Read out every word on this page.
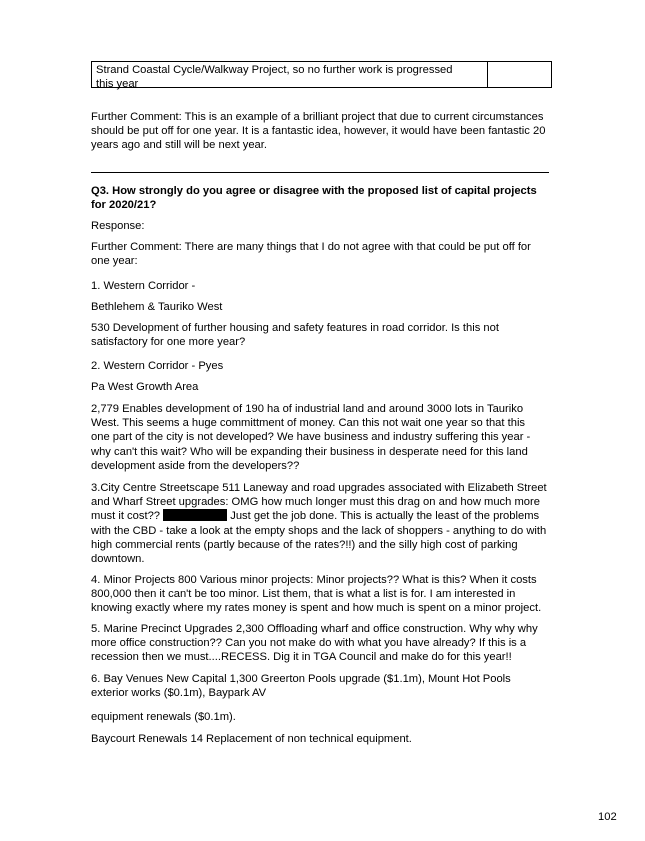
Strand Coastal Cycle/Walkway Project, so no further work is progressed
this year
Further Comment: This is an example of a brilliant project that due to current circumstances
should be put off for one year. It is a fantastic idea, however, it would have been fantastic 20
years ago and still will be next year.
Q3. How strongly do you agree or disagree with the proposed list of capital projects
for 2020/21?
Response:
Further Comment: There are many things that I do not agree with that could be put off for
one year:
1. Western Corridor -
Bethlehem & Tauriko West
530 Development of further housing and safety features in road corridor. Is this not
satisfactory for one more year?
2. Western Corridor - Pyes
Pa West Growth Area
2,779 Enables development of 190 ha of industrial land and around 3000 lots in Tauriko
West. This seems a huge committment of money. Can this not wait one year so that this
one part of the city is not developed? We have business and industry suffering this year -
why can't this wait? Who will be expanding their business in desperate need for this land
development aside from the developers??
3.City Centre Streetscape 511 Laneway and road upgrades associated with Elizabeth Street
and Wharf Street upgrades: OMG how much longer must this drag on and how much more
must it cost??	Just get the job done. This is actually the least of the problems
with the CBD - take a look at the empty shops and the lack of shoppers - anything to do with
high commercial rents (partly because of the rates?!!) and the silly high cost of parking
downtown.
4. Minor Projects 800 Various minor projects: Minor projects?? What is this? When it costs
800,000 then it can't be too minor. List them, that is what a list is for. I am interested in
knowing exactly where my rates money is spent and how much is spent on a minor project.
5. Marine Precinct Upgrades 2,300 Offloading wharf and office construction. Why why why
more office construction?? Can you not make do with what you have already? If this is a
recession then we must....RECESS. Dig it in TGA Council and make do for this year!!
6. Bay Venues New Capital 1,300 Greerton Pools upgrade ($1.1m), Mount Hot Pools
exterior works ($0.1m), Baypark AV
equipment renewals ($0.1m).
Baycourt Renewals 14 Replacement of non technical equipment.
102
